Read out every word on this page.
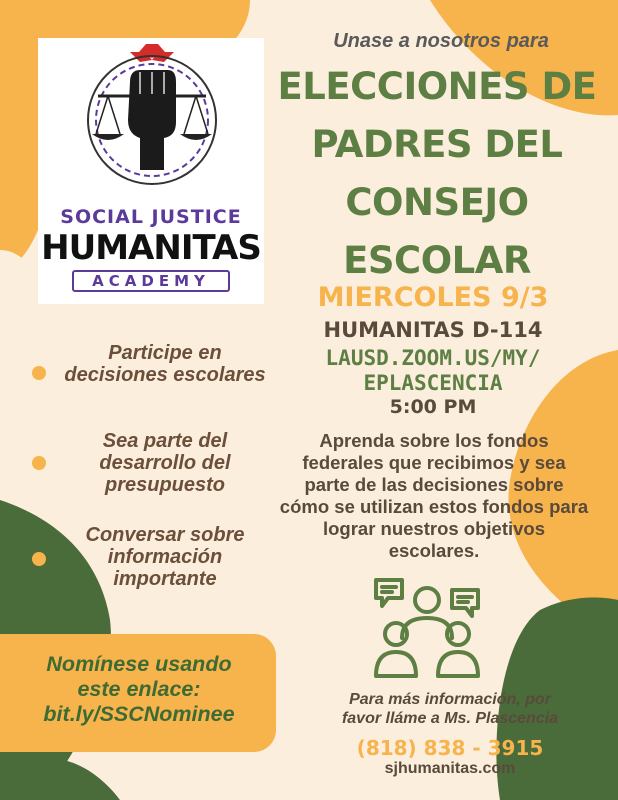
SOCIAL JUSTICE
HUMANITAS
ACADEMY
Unase a nosotros para
ELECCIONES DE
PADRES DEL
CONSEJO
ESCOLAR
MIERCOLES 9/3
HUMANITAS D-114
LAUSD.ZOOM.US/MY/
EPLASCENCIA
5:00 PM
Aprenda sobre los fondos federales que recibimos y sea parte de las decisiones sobre cómo se utilizan estos fondos para lograr nuestros objetivos escolares.
Participe en decisiones escolares
Sea parte del desarrollo del presupuesto
Conversar sobre información importante
Nomínese usando
este enlace:
bit.ly/SSCNominee
Para más información, por
favor lláme a Ms. Plascencia
(818) 838 - 3915
sjhumanitas.com
